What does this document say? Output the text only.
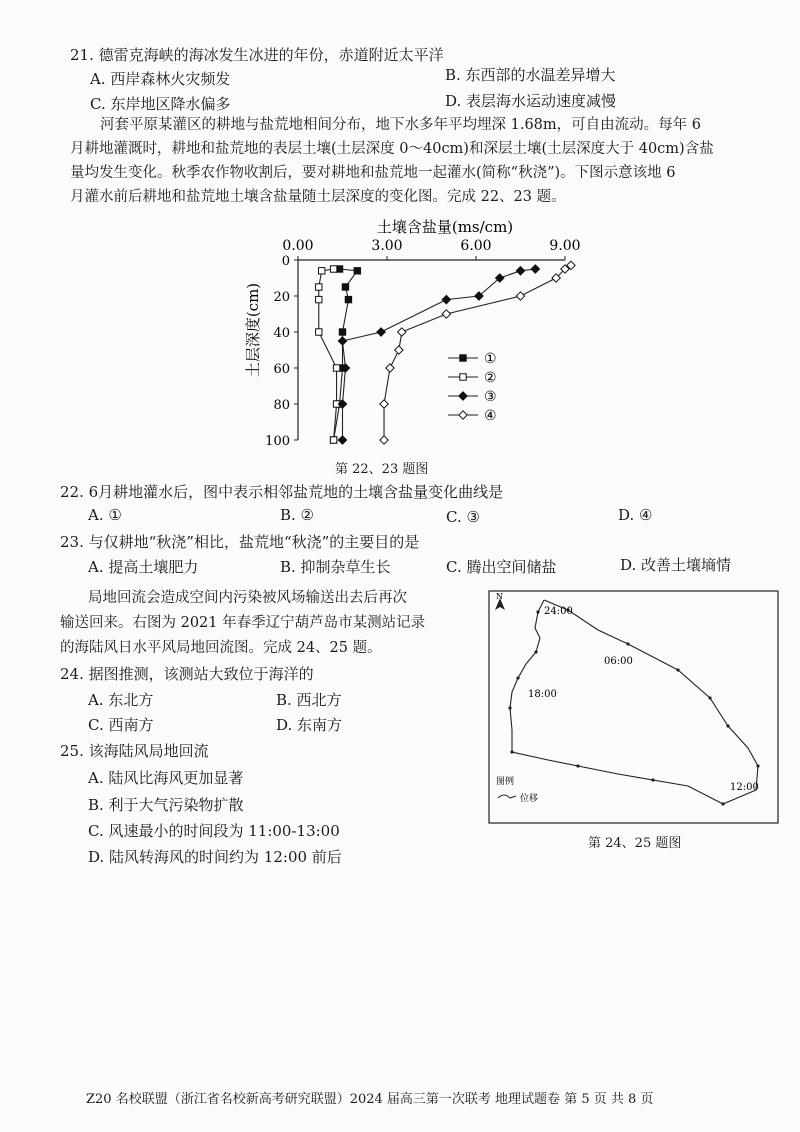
21. 德雷克海峡的海冰发生冰进的年份，赤道附近太平洋
A. 西岸森林火灾频发	B. 东西部的水温差异增大
C. 东岸地区降水偏多	D. 表层海水运动速度减慢
河套平原某灌区的耕地与盐荒地相间分布，地下水多年平均埋深 1.68m，可自由流动。每年 6
月耕地灌溉时，耕地和盐荒地的表层土壤(土层深度 0～40cm)和深层土壤(土层深度大于 40cm)含盐
量均发生变化。秋季农作物收割后，要对耕地和盐荒地一起灌水(简称“秋浇”)。下图示意该地 6
月灌水前后耕地和盐荒地土壤含盐量随土层深度的变化图。完成 22、23 题。
土壤含盐量(ms/cm)
土层深度(cm)
0.00	3.00	6.00	9.00
0
20
40
60
80
100
①
②
③
④
第 22、23 题图
22. 6月耕地灌水后，图中表示相邻盐荒地的土壤含盐量变化曲线是
A. ①	B. ②	C. ③	D. ④
23. 与仅耕地“秋浇”相比，盐荒地“秋浇”的主要目的是
A. 提高土壤肥力	B. 抑制杂草生长	C. 腾出空间储盐	D. 改善土壤墒情
局地回流会造成空间内污染被风场输送出去后再次
输送回来。右图为 2021 年春季辽宁葫芦岛市某测站记录
的海陆风日水平风局地回流图。完成 24、25 题。
24. 据图推测，该测站大致位于海洋的
A. 东北方	B. 西北方
C. 西南方	D. 东南方
25. 该海陆风局地回流
A. 陆风比海风更加显著
B. 利于大气污染物扩散
C. 风速最小的时间段为 11:00-13:00
D. 陆风转海风的时间约为 12:00 前后
N
24:00
06:00
18:00
12:00
图例
位移
第 24、25 题图
Z20 名校联盟（浙江省名校新高考研究联盟）2024 届高三第一次联考 地理试题卷 第 5 页 共 8 页
